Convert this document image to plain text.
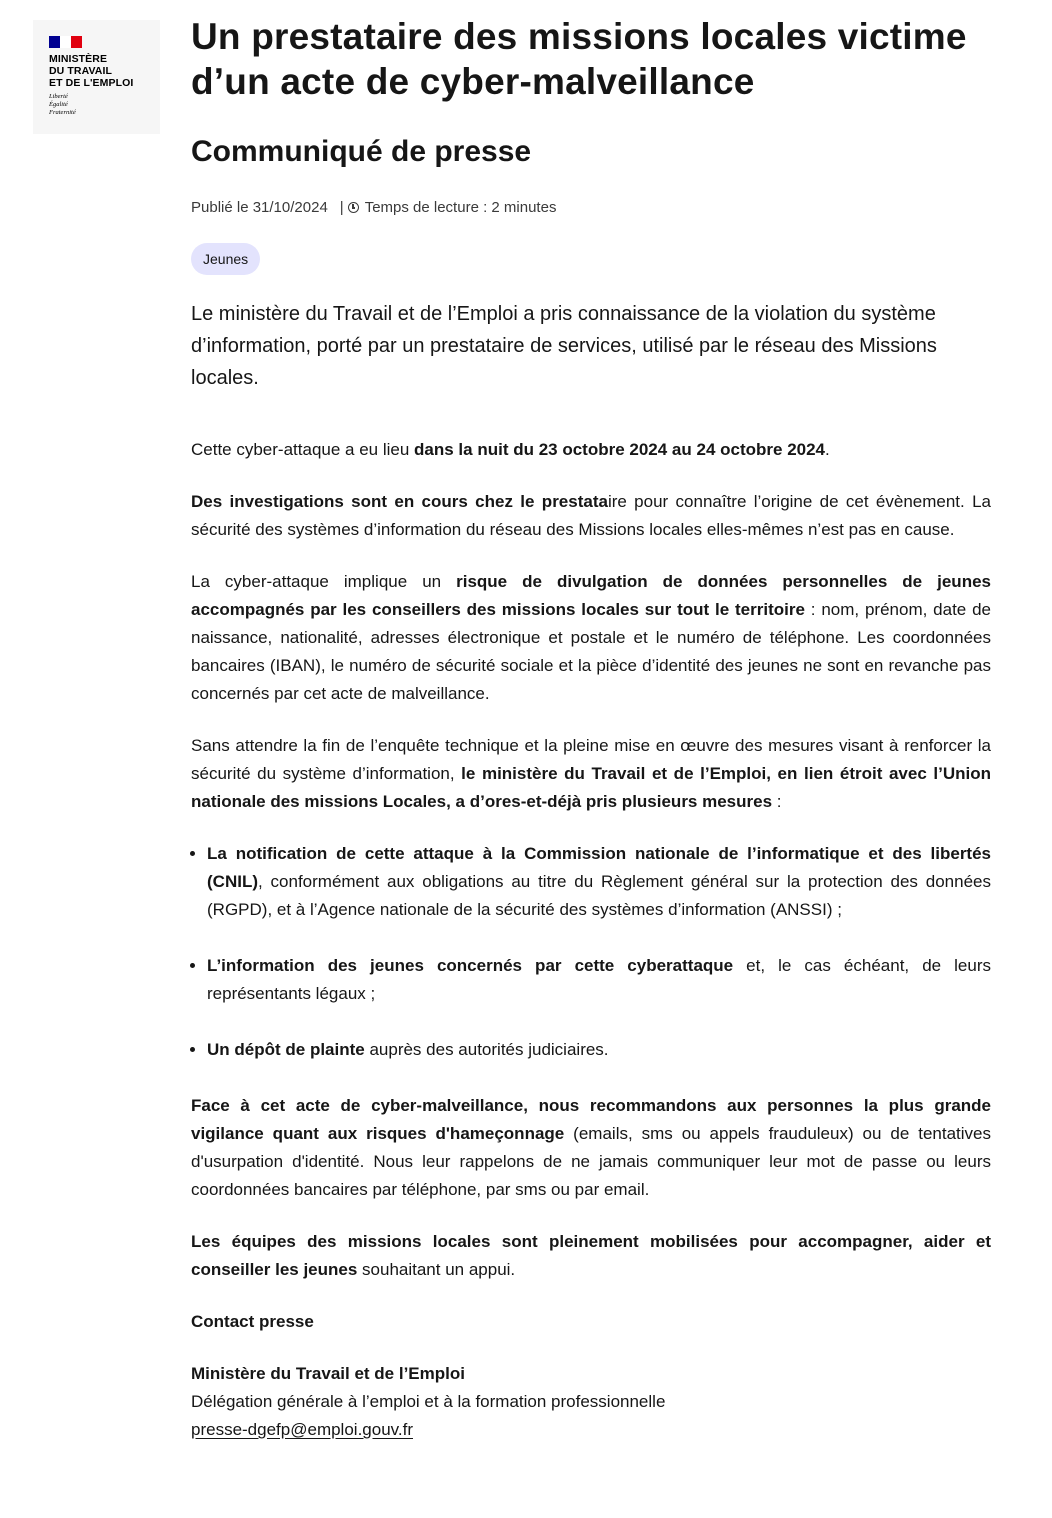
MINISTÈRE
DU TRAVAIL
ET DE L'EMPLOI
Liberté
Égalité
Fraternité
Un prestataire des missions locales victime d’un acte de cyber-malveillance
Communiqué de presse
Publié le 31/10/2024 | Temps de lecture : 2 minutes
Jeunes

Le ministère du Travail et de l’Emploi a pris connaissance de la violation du système d’information, porté par un prestataire de services, utilisé par le réseau des Missions locales.

Cette cyber-attaque a eu lieu dans la nuit du 23 octobre 2024 au 24 octobre 2024.

Des investigations sont en cours chez le prestataire pour connaître l’origine de cet évènement. La sécurité des systèmes d’information du réseau des Missions locales elles-mêmes n’est pas en cause.

La cyber-attaque implique un risque de divulgation de données personnelles de jeunes accompagnés par les conseillers des missions locales sur tout le territoire : nom, prénom, date de naissance, nationalité, adresses électronique et postale et le numéro de téléphone. Les coordonnées bancaires (IBAN), le numéro de sécurité sociale et la pièce d’identité des jeunes ne sont en revanche pas concernés par cet acte de malveillance.

Sans attendre la fin de l’enquête technique et la pleine mise en œuvre des mesures visant à renforcer la sécurité du système d’information, le ministère du Travail et de l’Emploi, en lien étroit avec l’Union nationale des missions Locales, a d’ores-et-déjà pris plusieurs mesures :

• La notification de cette attaque à la Commission nationale de l’informatique et des libertés (CNIL), conformément aux obligations au titre du Règlement général sur la protection des données (RGPD), et à l’Agence nationale de la sécurité des systèmes d’information (ANSSI) ;
• L’information des jeunes concernés par cette cyberattaque et, le cas échéant, de leurs représentants légaux ;
• Un dépôt de plainte auprès des autorités judiciaires.

Face à cet acte de cyber-malveillance, nous recommandons aux personnes la plus grande vigilance quant aux risques d'hameçonnage (emails, sms ou appels frauduleux) ou de tentatives d'usurpation d'identité. Nous leur rappelons de ne jamais communiquer leur mot de passe ou leurs coordonnées bancaires par téléphone, par sms ou par email.

Les équipes des missions locales sont pleinement mobilisées pour accompagner, aider et conseiller les jeunes souhaitant un appui.

Contact presse
Ministère du Travail et de l’Emploi
Délégation générale à l’emploi et à la formation professionnelle
presse-dgefp@emploi.gouv.fr
